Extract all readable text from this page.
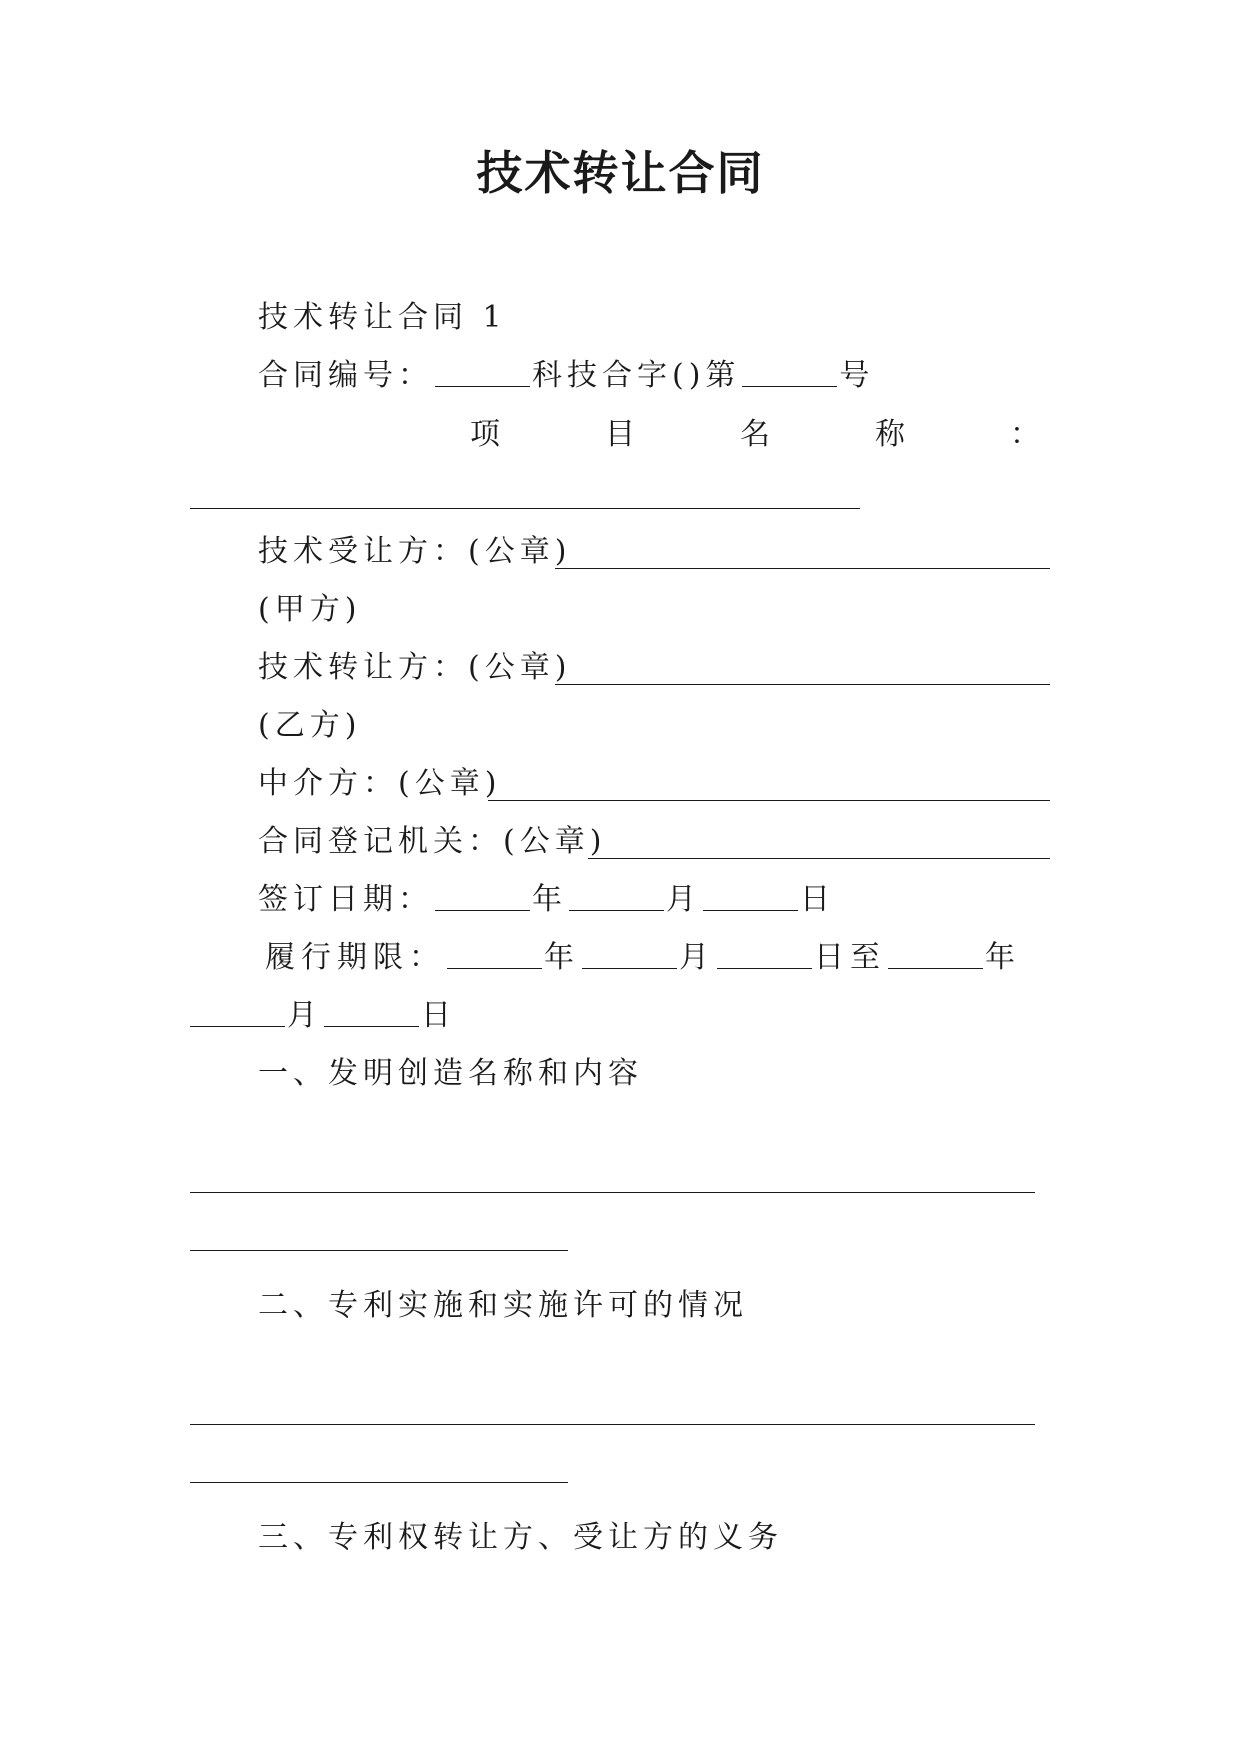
技术转让合同
技术转让合同 1
合同编号：	科技合字()第	号
项	目	名	称	：
技术受让方：(公章)
(甲方)
技术转让方：(公章)
(乙方)
中介方：(公章)
合同登记机关：(公章)
签订日期：	年	月	日
履行期限：	年	月	日至	年
月	日
一、发明创造名称和内容
二、专利实施和实施许可的情况
三、专利权转让方、受让方的义务
